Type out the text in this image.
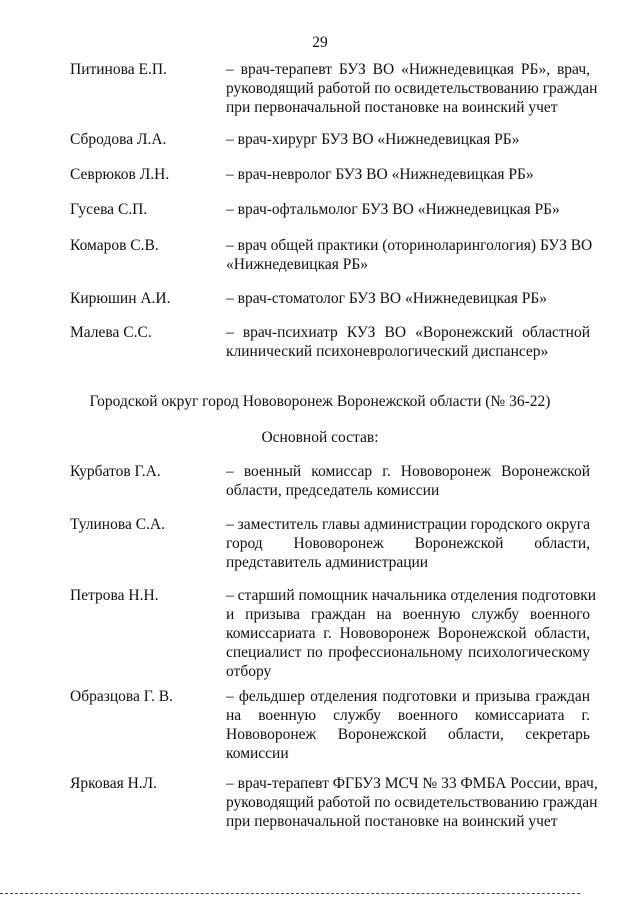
29
Питинова Е.П.	– врач-терапевт БУЗ ВО «Нижнедевицкая РБ», врач,
руководящий работой по освидетельствованию граждан
при первоначальной постановке на воинский учет
Сбродова Л.А.	– врач-хирург БУЗ ВО «Нижнедевицкая РБ»
Севрюков Л.Н.	– врач-невролог БУЗ ВО «Нижнедевицкая РБ»
Гусева С.П.	– врач-офтальмолог БУЗ ВО «Нижнедевицкая РБ»
Комаров С.В.	– врач общей практики (оториноларингология) БУЗ ВО
«Нижнедевицкая РБ»
Кирюшин А.И.	– врач-стоматолог БУЗ ВО «Нижнедевицкая РБ»
Малева С.С.	– врач-психиатр КУЗ ВО «Воронежский областной
клинический психоневрологический диспансер»
Городской округ город Нововоронеж Воронежской области (№ 36-22)
Основной состав:
Курбатов Г.А.	– военный комиссар г. Нововоронеж Воронежской
области, председатель комиссии
Тулинова С.А.	– заместитель главы администрации городского округа
город Нововоронеж Воронежской области,
представитель администрации
Петрова Н.Н.	– старший помощник начальника отделения подготовки
и призыва граждан на военную службу военного
комиссариата г. Нововоронеж Воронежской области,
специалист по профессиональному психологическому
отбору
Образцова Г. В.	– фельдшер отделения подготовки и призыва граждан
на военную службу военного комиссариата г.
Нововоронеж Воронежской области, секретарь
комиссии
Ярковая Н.Л.	– врач-терапевт ФГБУЗ МСЧ № 33 ФМБА России, врач,
руководящий работой по освидетельствованию граждан
при первоначальной постановке на воинский учет
